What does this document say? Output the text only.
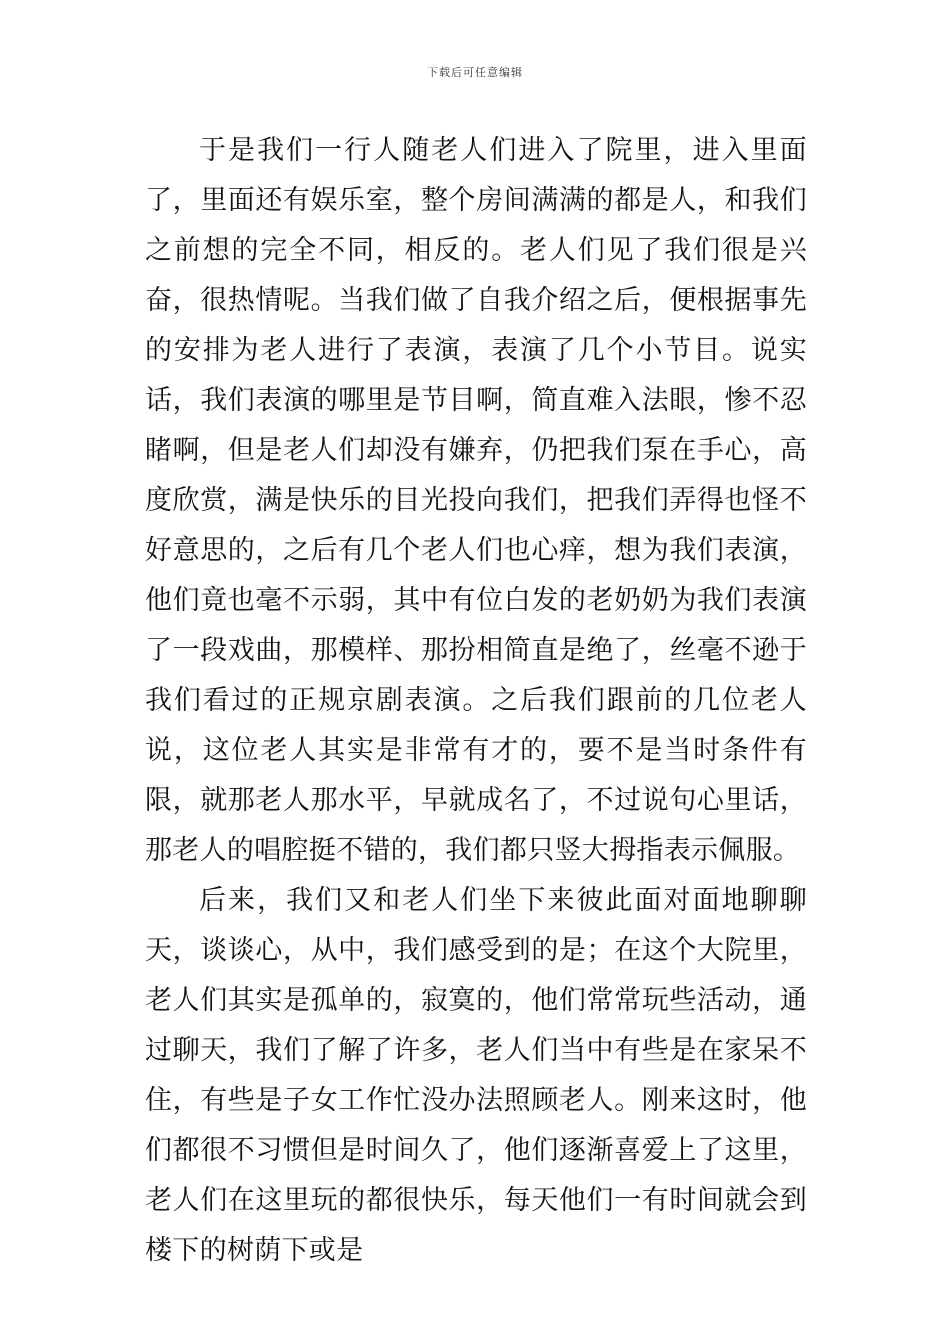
下载后可任意编辑

于是我们一行人随老人们进入了院里，进入里面了，里面还有娱乐室，整个房间满满的都是人，和我们之前想的完全不同，相反的。老人们见了我们很是兴奋，很热情呢。当我们做了自我介绍之后，便根据事先的安排为老人进行了表演，表演了几个小节目。说实话，我们表演的哪里是节目啊，简直难入法眼，惨不忍睹啊，但是老人们却没有嫌弃，仍把我们泵在手心，高度欣赏，满是快乐的目光投向我们，把我们弄得也怪不好意思的，之后有几个老人们也心痒，想为我们表演，他们竟也毫不示弱，其中有位白发的老奶奶为我们表演了一段戏曲，那模样、那扮相简直是绝了，丝毫不逊于我们看过的正规京剧表演。之后我们跟前的几位老人说，这位老人其实是非常有才的，要不是当时条件有限，就那老人那水平，早就成名了，不过说句心里话，那老人的唱腔挺不错的，我们都只竖大拇指表示佩服。

后来，我们又和老人们坐下来彼此面对面地聊聊天，谈谈心，从中，我们感受到的是；在这个大院里，老人们其实是孤单的，寂寞的，他们常常玩些活动，通过聊天，我们了解了许多，老人们当中有些是在家呆不住，有些是子女工作忙没办法照顾老人。刚来这时，他们都很不习惯但是时间久了，他们逐渐喜爱上了这里，老人们在这里玩的都很快乐，每天他们一有时间就会到楼下的树荫下或是
